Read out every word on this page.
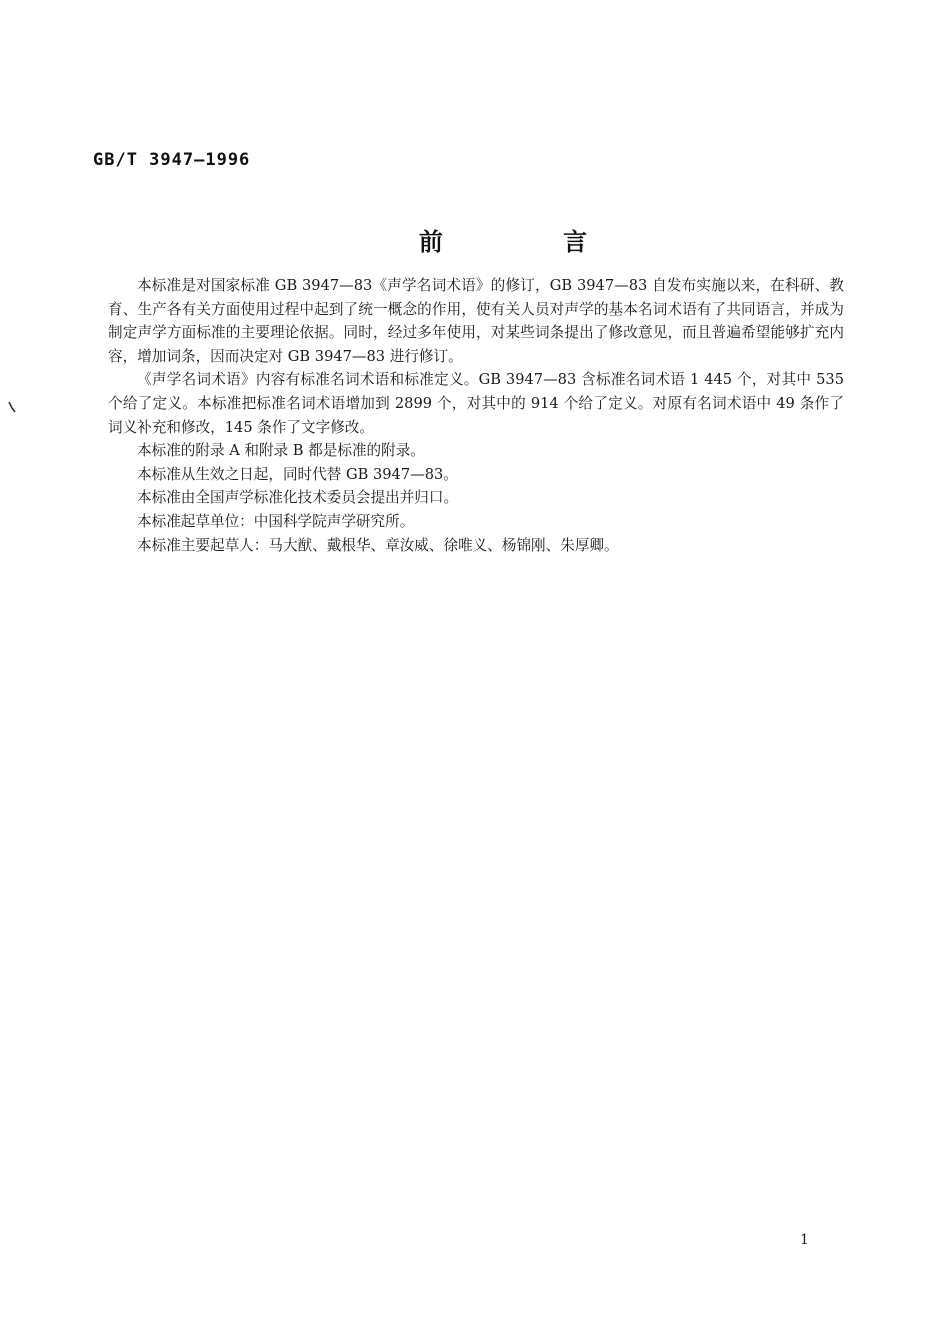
GB/T 3947—1996
前 言

本标准是对国家标准 GB 3947—83《声学名词术语》的修订，GB 3947—83 自发布实施以来，在科研、教育、生产各有关方面使用过程中起到了统一概念的作用，使有关人员对声学的基本名词术语有了共同语言，并成为制定声学方面标准的主要理论依据。同时，经过多年使用，对某些词条提出了修改意见，而且普遍希望能够扩充内容，增加词条，因而决定对 GB 3947—83 进行修订。

《声学名词术语》内容有标准名词术语和标准定义。GB 3947—83 含标准名词术语 1 445 个，对其中 535 个给了定义。本标准把标准名词术语增加到 2899 个，对其中的 914 个给了定义。对原有名词术语中 49 条作了词义补充和修改，145 条作了文字修改。

本标准的附录 A 和附录 B 都是标准的附录。

本标准从生效之日起，同时代替 GB 3947—83。

本标准由全国声学标准化技术委员会提出并归口。

本标准起草单位：中国科学院声学研究所。

本标准主要起草人：马大猷、戴根华、章汝威、徐唯义、杨锦刚、朱厚卿。

1
